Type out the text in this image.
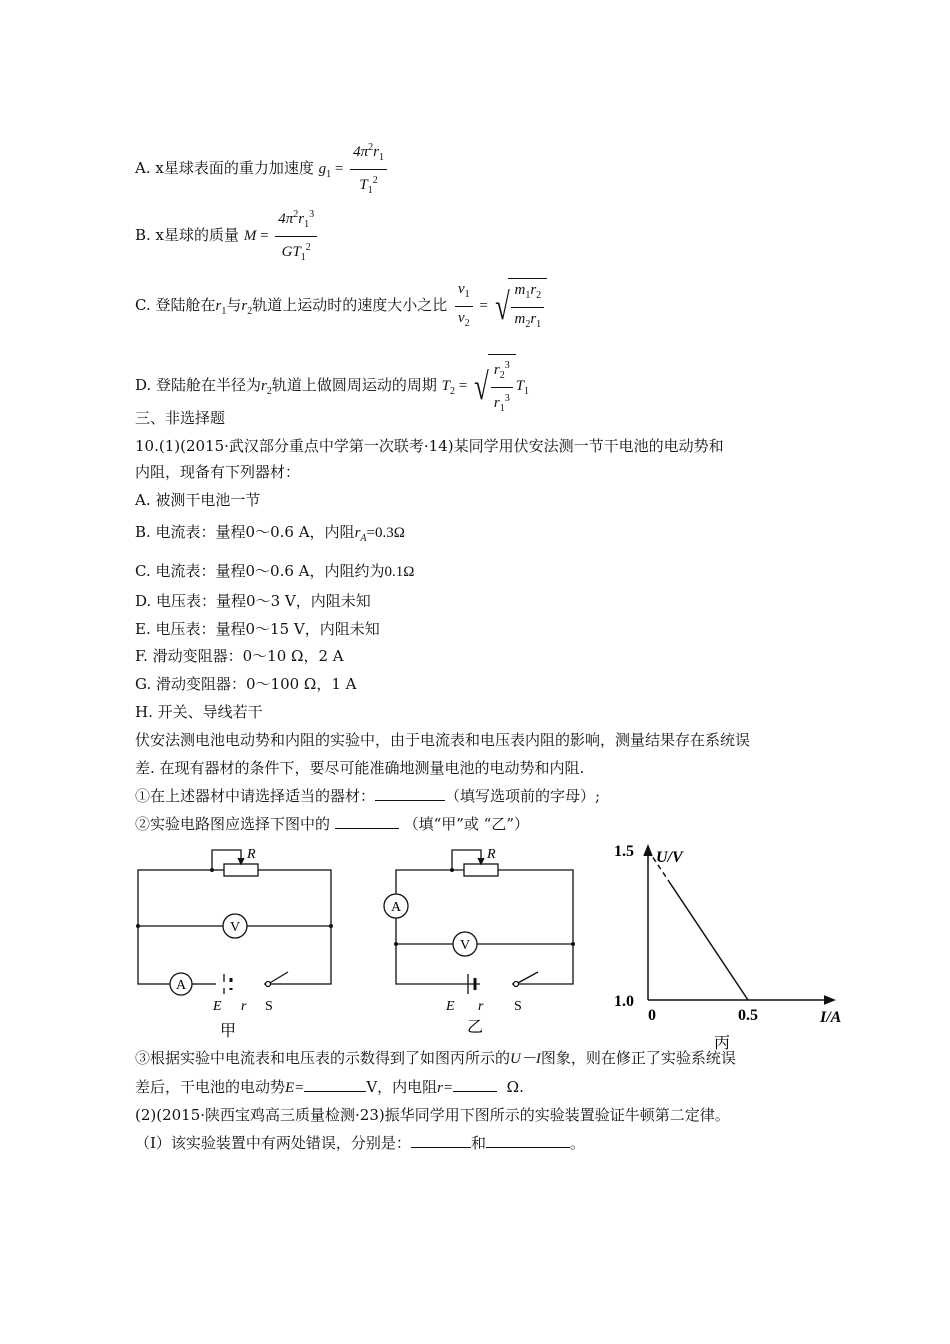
A. x星球表面的重力加速度 $g_1 = \frac{4\pi^2r_1}{T_1^2}$
B. x星球的质量 $M = \frac{4\pi^2r_1^3}{GT_1^2}$
C. 登陆舱在$r_1$与$r_2$轨道上运动时的速度大小之比 $\frac{v_1}{v_2}$ = √ $\frac{m_1r_2}{m_2r_1}$
D. 登陆舱在半径为$r_2$轨道上做圆周运动的周期 $T_2$ = √ $\frac{r_2^3}{r_1^3} T_1$
三、非选择题
10.(1)(2015·武汉部分重点中学第一次联考·14)某同学用伏安法测一节干电池的电动势和
内阻，现备有下列器材：
A. 被测干电池一节
B. 电流表：量程0～0.6 A，内阻$r_A=0.3\Omega$
C. 电流表：量程0～0.6 A，内阻约为0.1Ω
D. 电压表：量程0～3 V，内阻未知
E. 电压表：量程0～15 V，内阻未知
F. 滑动变阻器：0～10 Ω，2 A
G. 滑动变阻器：0～100 Ω，1 A
H. 开关、导线若干
伏安法测电池电动势和内阻的实验中，由于电流表和电压表内阻的影响，测量结果存在系统误
差. 在现有器材的条件下，要尽可能准确地测量电池的电动势和内阻.
①在上述器材中请选择适当的器材：	（填写选项前的字母）;
②实验电路图应选择下图中的	（填“甲”或 “乙”）
R
V
A
E r S
甲
R
A
V
E r S
乙
U/V
1.5
1.0
0	0.5	I/A
丙
③根据实验中电流表和电压表的示数得到了如图丙所示的U－I图象，则在修正了实验系统误
差后，干电池的电动势E=	V，内电阻r=	Ω.
(2)(2015·陕西宝鸡高三质量检测·23)振华同学用下图所示的实验装置验证牛顿第二定律。
（I）该实验装置中有两处错误，分别是：	和	。
